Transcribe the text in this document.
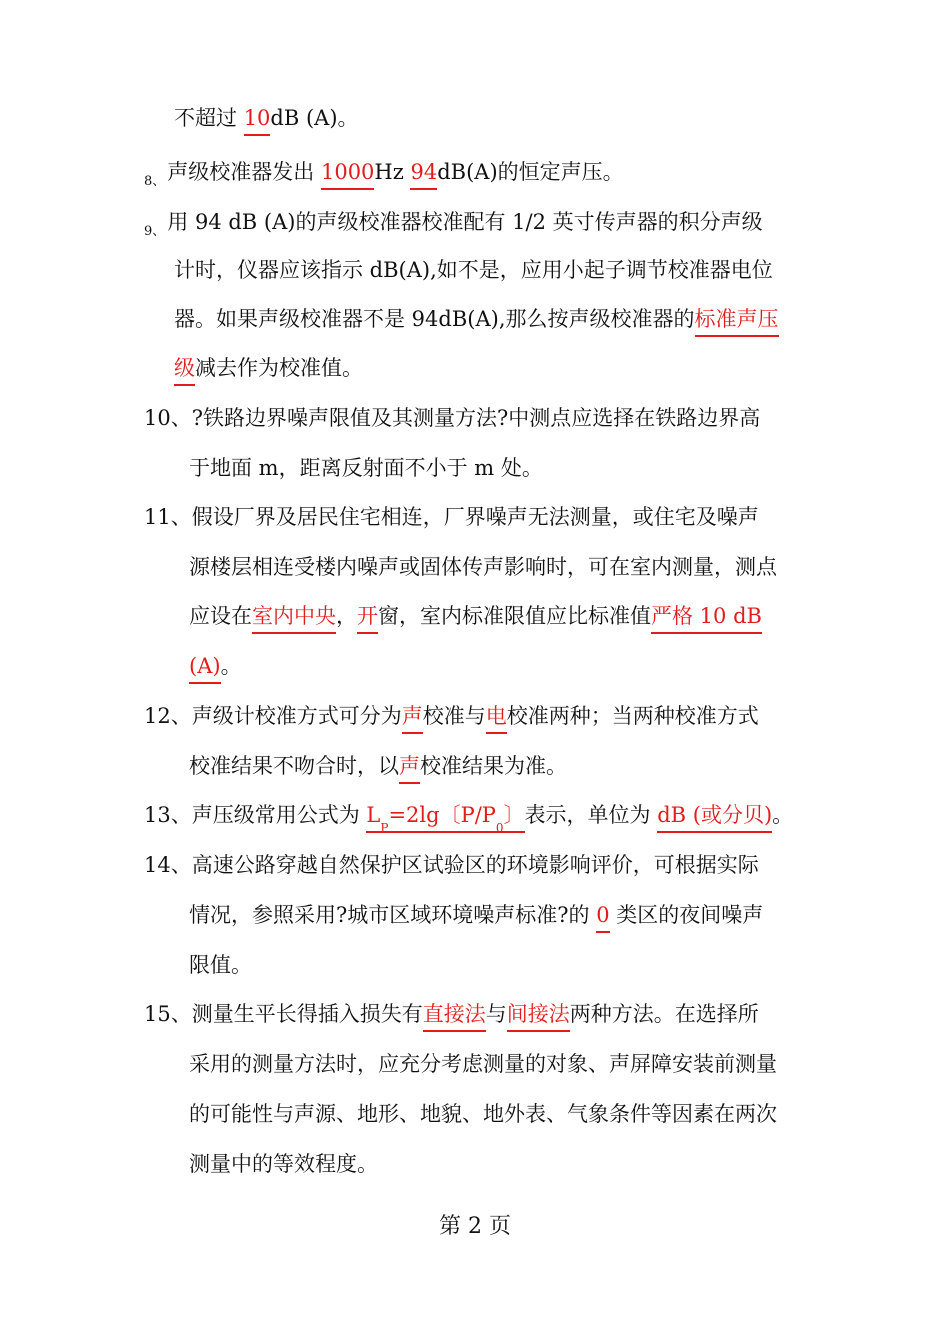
不超过 10dB (A)。
$_{8、}$声级校准器发出 1000Hz 94dB(A)的恒定声压。
$_{9、}$用 94 dB (A)的声级校准器校准配有 1/2 英寸传声器的积分声级
计时，仪器应该指示 dB(A),如不是，应用小起子调节校准器电位
器。如果声级校准器不是 94dB(A),那么按声级校准器的标准声压
级减去作为校准值。
10、?铁路边界噪声限值及其测量方法?中测点应选择在铁路边界高
于地面 m，距离反射面不小于 m 处。
11、假设厂界及居民住宅相连，厂界噪声无法测量，或住宅及噪声
源楼层相连受楼内噪声或固体传声影响时，可在室内测量，测点
应设在室内中央，开窗，室内标准限值应比标准值严格 10 dB
(A)。
12、声级计校准方式可分为声校准与电校准两种；当两种校准方式
校准结果不吻合时，以声校准结果为准。
13、声压级常用公式为 $L_P=2\lg$〔$P/P_0$〕表示，单位为 dB (或分贝)。
14、高速公路穿越自然保护区试验区的环境影响评价，可根据实际
情况，参照采用?城市区域环境噪声标准?的 0 类区的夜间噪声
限值。
15、测量生平长得插入损失有直接法与间接法两种方法。在选择所
采用的测量方法时，应充分考虑测量的对象、声屏障安装前测量
的可能性与声源、地形、地貌、地外表、气象条件等因素在两次
测量中的等效程度。
第 2 页
